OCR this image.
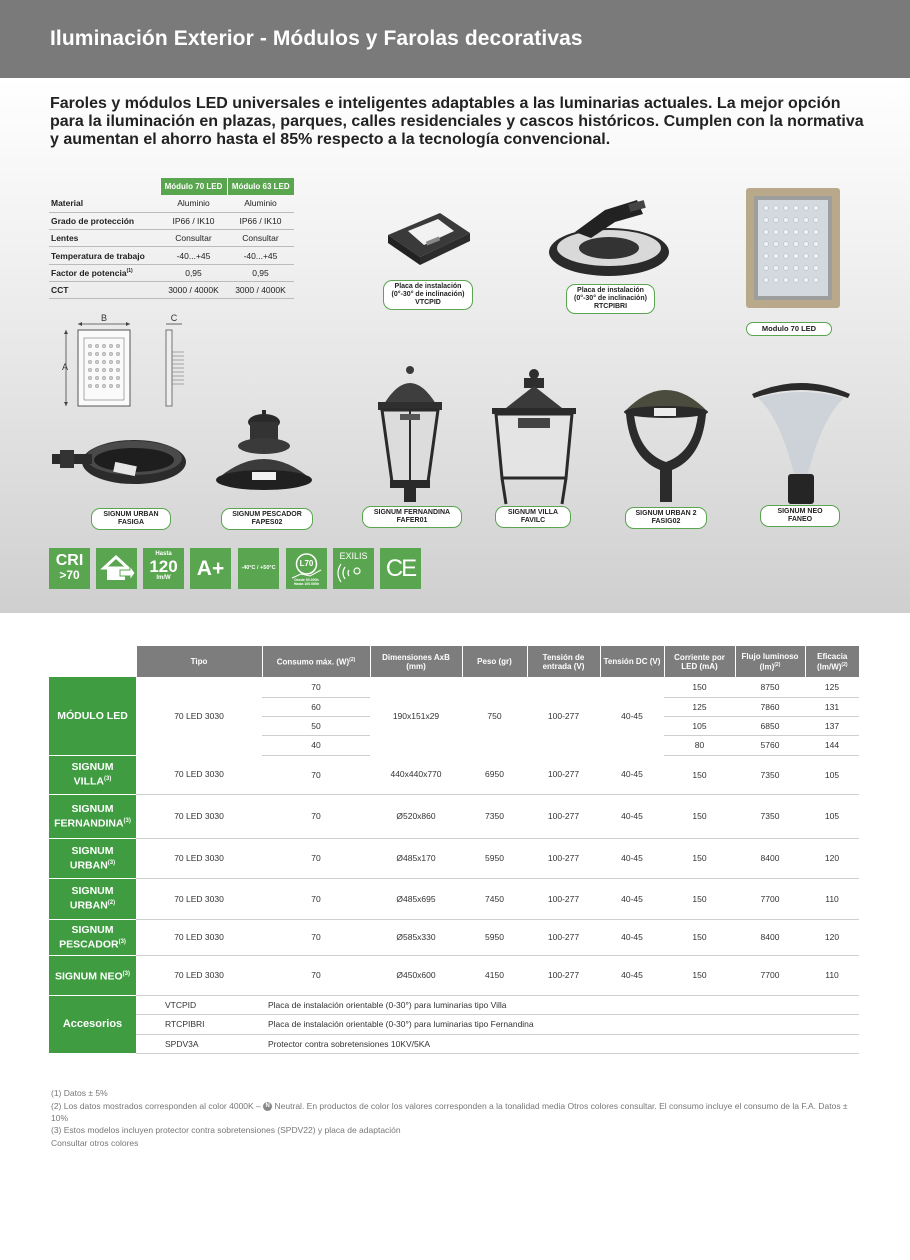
Iluminación Exterior - Módulos y Farolas decorativas

Faroles y módulos LED universales e inteligentes adaptables a las luminarias actuales. La mejor opción para la iluminación en plazas, parques, calles residenciales y cascos históricos. Cumplen con la normativa y aumentan el ahorro hasta el 85% respecto a la tecnología convencional.

	Módulo 70 LED	Módulo 63 LED
Material	Aluminio	Aluminio
Grado de protección	IP66 / IK10	IP66 / IK10
Lentes	Consultar	Consultar
Temperatura de trabajo	-40...+45	-40...+45
Factor de potencia$^{(1)}$	0,95	0,95
CCT	3000 / 4000K	3000 / 4000K
B
A
C
Placa de instalación
(0°-30° de inclinación)
VTCPID
Placa de instalación
(0°-30° de inclinación)
RTCPIBRI
Modulo 70 LED
SIGNUM URBAN
FASIGA
SIGNUM PESCADOR
FAPES02
SIGNUM FERNANDINA
FAFER01
SIGNUM VILLA
FAVILC
SIGNUM URBAN 2
FASIG02
SIGNUM NEO
FANEO
CRI
>70
Hasta
120
lm/W	A+	-40°C / +50°C	L70
Desde 50.000h
Hasta 100.000h
EXILIS CE
	Tipo	Consumo máx. $(W)^{(2)}$	Dimensiones AxB (mm)	Peso (gr)	Tensión de entrada (V)	Tensión DC (V)	Corriente por LED (mA)	Flujo luminoso (lm)$^{(2)}$	Eficacia $(lm/W)^{(2)}$
MÓDULO LED	70 LED 3030	70	190x151x29	750	100-277	40-45	150	8750	125
		60					125	7860	131
		50					105	6850	137
		40					80	5760	144
SIGNUM
VILLA$^{(3)}$	70 LED 3030	70	440x440x770	6950	100-277	40-45	150	7350	105
SIGNUM
FERNANDINA$^{(3)}$	70 LED 3030	70	Ø520x860	7350	100-277	40-45	150	7350	105
SIGNUM
URBAN$^{(3)}$	70 LED 3030	70	Ø485x170	5950	100-277	40-45	150	8400	120
SIGNUM
URBAN$^{(2)}$	70 LED 3030	70	Ø485x695	7450	100-277	40-45	150	7700	110
SIGNUM
PESCADOR$^{(3)}$	70 LED 3030	70	Ø585x330	5950	100-277	40-45	150	8400	120
SIGNUM NEO$^{(3)}$	70 LED 3030	70	Ø450x600	4150	100-277	40-45	150	7700	110
Accesorios	VTCPID	Placa de instalación orientable (0-30°) para luminarias tipo Villa							
	RTCPIBRI	Placa de instalación orientable (0-30°) para luminarias tipo Fernandina							
	SPDV3A	Protector contra sobretensiones 10KV/5KA							

(1) Datos ± 5%

(2) Los datos mostrados corresponden al color 4000K – N Neutral. En productos de color los valores corresponden a la tonalidad media Otros colores consultar. El consumo incluye el consumo de la F.A. Datos ± 10%

(3) Estos modelos incluyen protector contra sobretensiones (SPDV22) y placa de adaptación

Consultar otros colores
